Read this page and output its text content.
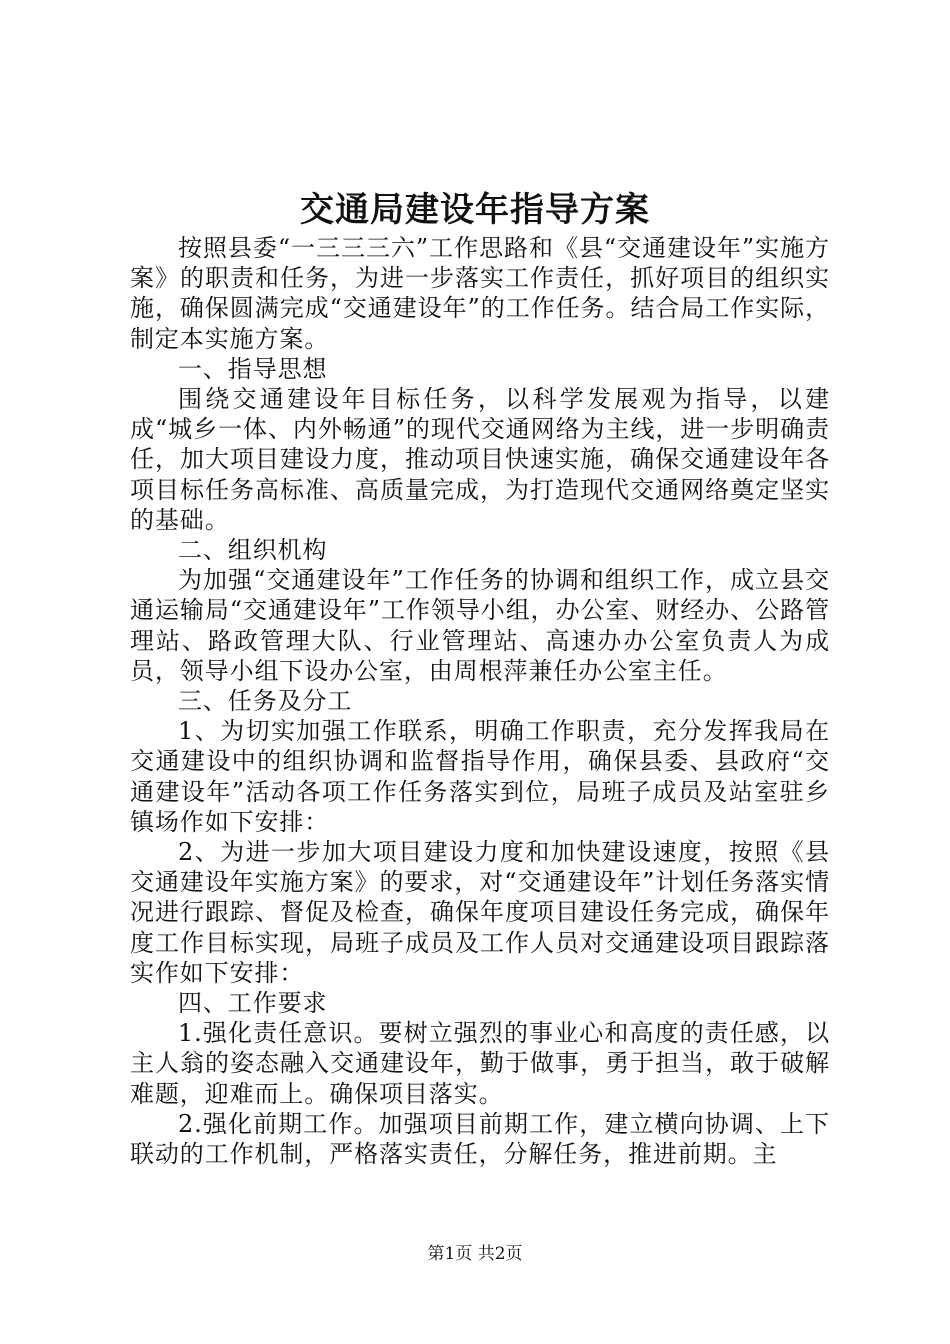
交通局建设年指导方案

按照县委“一三三三六”工作思路和《县“交通建设年”实施方案》的职责和任务，为进一步落实工作责任，抓好项目的组织实施，确保圆满完成“交通建设年”的工作任务。结合局工作实际，制定本实施方案。

一、指导思想

围绕交通建设年目标任务，以科学发展观为指导，以建成“城乡一体、内外畅通”的现代交通网络为主线，进一步明确责任，加大项目建设力度，推动项目快速实施，确保交通建设年各项目标任务高标准、高质量完成，为打造现代交通网络奠定坚实的基础。

二、组织机构

为加强“交通建设年”工作任务的协调和组织工作，成立县交通运输局“交通建设年”工作领导小组，办公室、财经办、公路管理站、路政管理大队、行业管理站、高速办办公室负责人为成员，领导小组下设办公室，由周根萍兼任办公室主任。

三、任务及分工

1、为切实加强工作联系，明确工作职责，充分发挥我局在交通建设中的组织协调和监督指导作用，确保县委、县政府“交通建设年”活动各项工作任务落实到位，局班子成员及站室驻乡镇场作如下安排：

2、为进一步加大项目建设力度和加快建设速度，按照《县交通建设年实施方案》的要求，对“交通建设年”计划任务落实情况进行跟踪、督促及检查，确保年度项目建设任务完成，确保年度工作目标实现，局班子成员及工作人员对交通建设项目跟踪落实作如下安排：

四、工作要求

1.强化责任意识。要树立强烈的事业心和高度的责任感，以主人翁的姿态融入交通建设年，勤于做事，勇于担当，敢于破解难题，迎难而上。确保项目落实。

2.强化前期工作。加强项目前期工作，建立横向协调、上下联动的工作机制，严格落实责任，分解任务，推进前期。主

第1页 共2页
